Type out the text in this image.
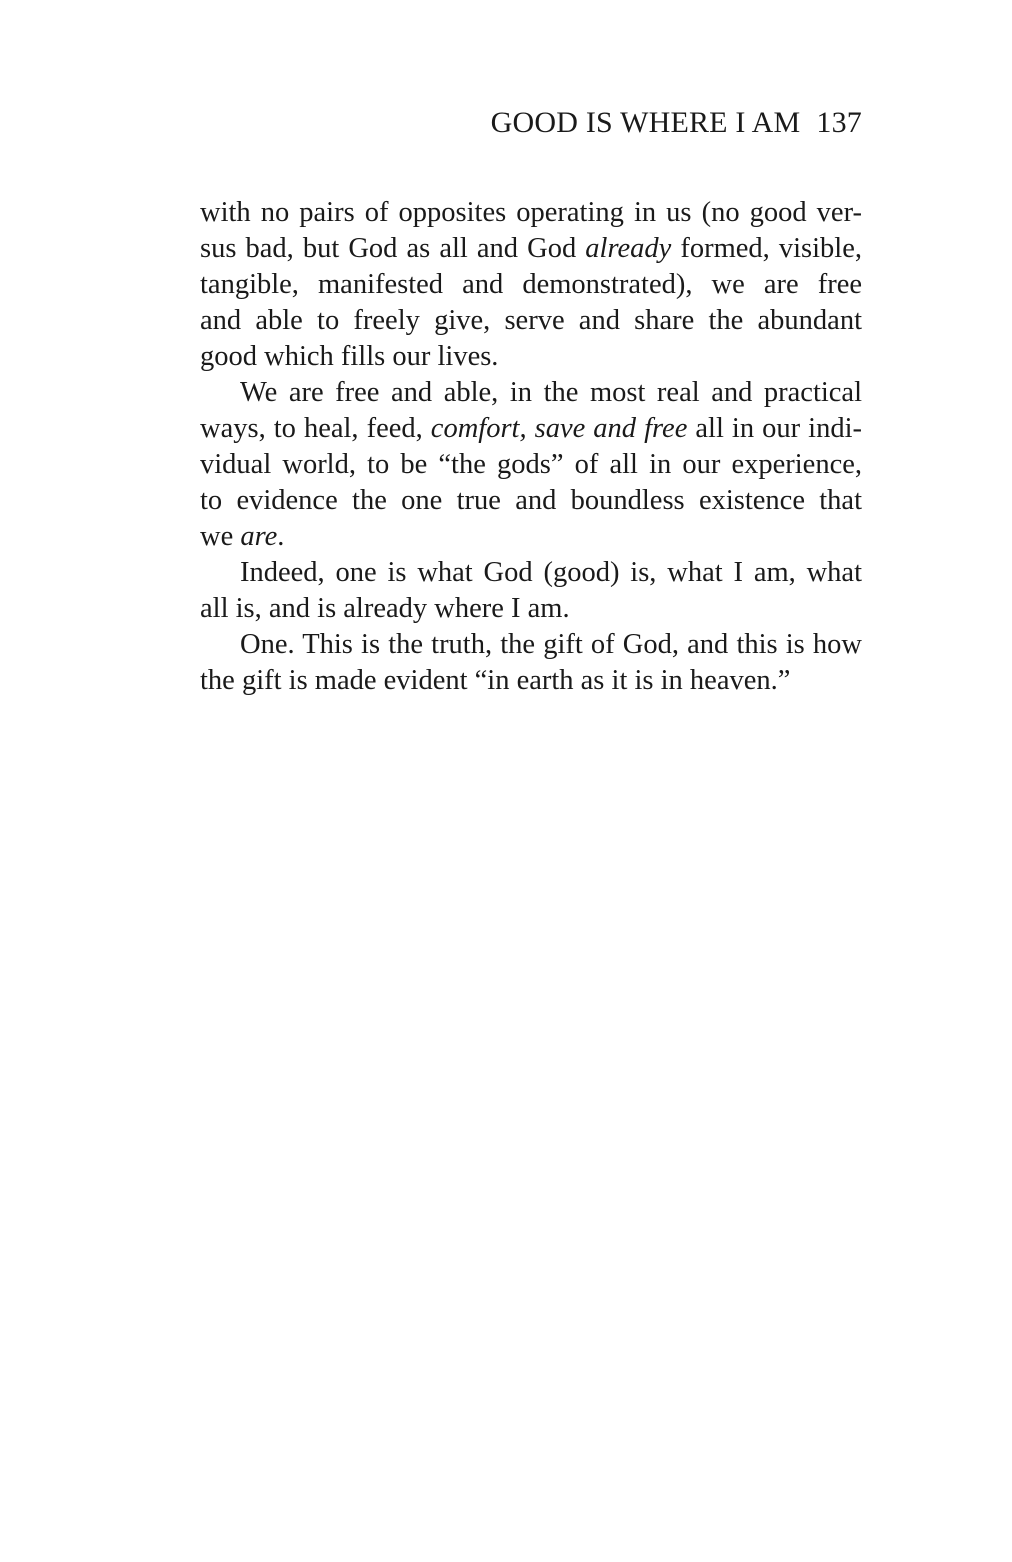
GOOD IS WHERE I AM 137
with no pairs of opposites operating in us (no good ver-
sus bad, but God as all and God already formed, visible,
tangible, manifested and demonstrated), we are free
and able to freely give, serve and share the abundant
good which fills our lives.
We are free and able, in the most real and practical
ways, to heal, feed, comfort, save and free all in our indi-
vidual world, to be “the gods” of all in our experience,
to evidence the one true and boundless existence that
we are.
Indeed, one is what God (good) is, what I am, what
all is, and is already where I am.
One. This is the truth, the gift of God, and this is how
the gift is made evident “in earth as it is in heaven.”
